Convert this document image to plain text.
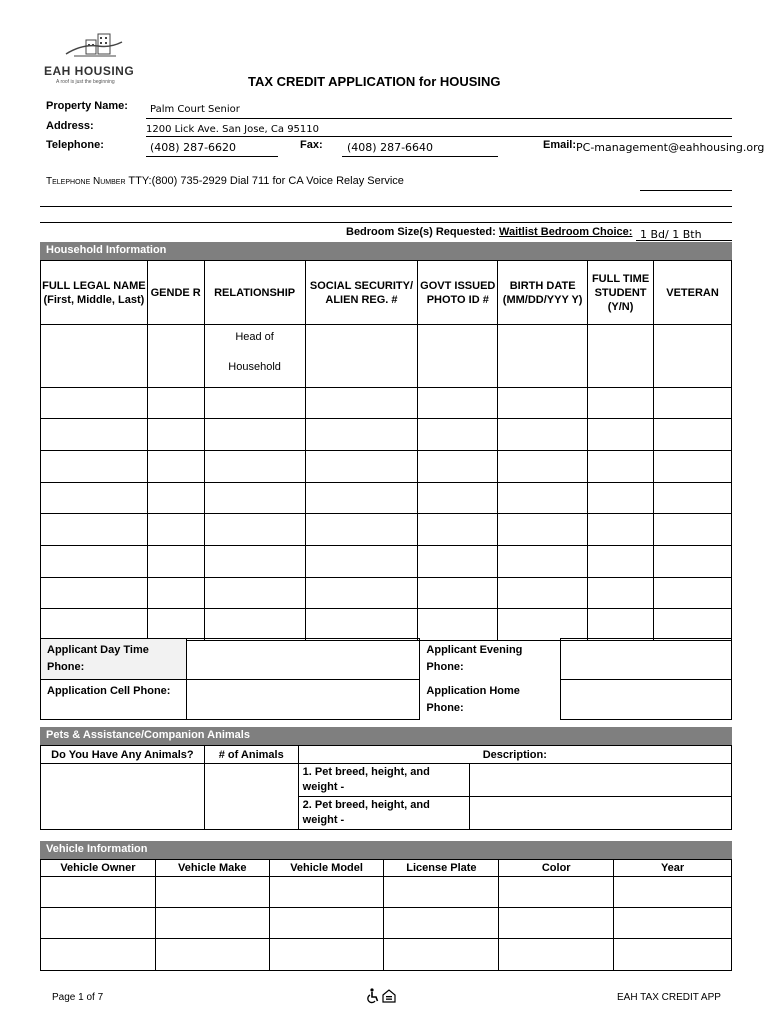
EAH HOUSING
A roof is just the beginning	TAX CREDIT APPLICATION for HOUSING
Property Name: Palm Court Senior
Address:	1200 Lick Ave. San Jose, Ca 95110
Telephone:	(408) 287-6620	Fax: (408) 287-6640	Email: PC-management@eahhousing.org
Telephone Number TTY:(800) 735-2929 Dial 711 for CA Voice Relay Service
Bedroom Size(s) Requested: Waitlist Bedroom Choice: 1 Bd/ 1 Bth
Household Information
FULL LEGAL NAME (First, Middle, Last)	GENDE R	RELATIONSHIP	SOCIAL SECURITY/ ALIEN REG. #	GOVT ISSUED PHOTO ID #	BIRTH DATE (MM/DD/YYY Y)	FULL TIME STUDENT (Y/N)	VETERAN

		Head of
Household					

Applicant Day Time Phone:		Applicant Evening Phone:	
Application Cell Phone:		Application Home Phone:	
Pets & Assistance/Companion Animals
Do You Have Any Animals?	# of Animals	Description:	
		1. Pet breed, height, and weight -	
		2. Pet breed, height, and weight -	
Vehicle Information
Vehicle Owner	Vehicle Make	Vehicle Model	License Plate	Color	Year

Page 1 of 7	EAH TAX CREDIT APP
